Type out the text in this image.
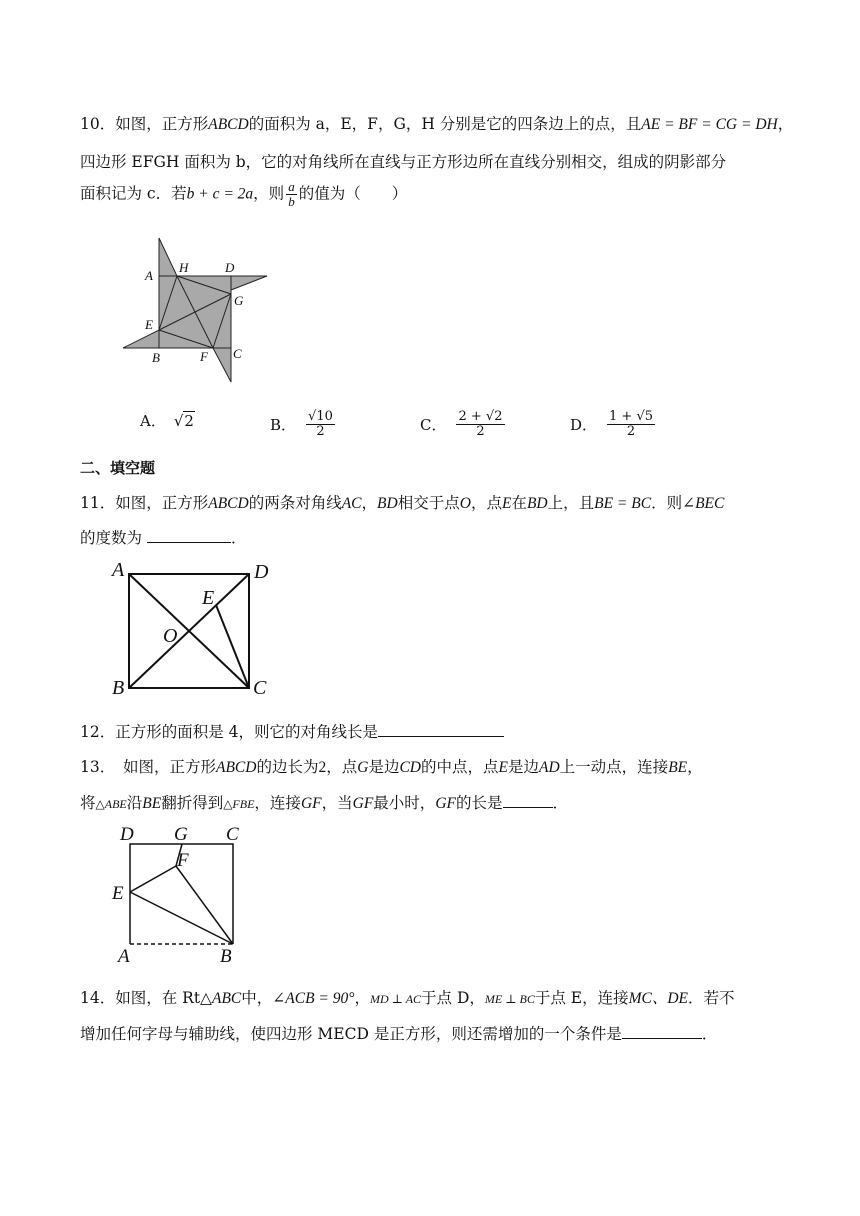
10．如图，正方形ABCD的面积为 a，E，F，G，H 分别是它的四条边上的点，且AE = BF = CG = DH，
四边形 EFGH 面积为 b，它的对角线所在直线与正方形边所在直线分别相交，组成的阴影部分
面积记为 c．若b + c = 2a，则 $\frac{a}{b}$ 的值为（　　）
A
H	D
G
E
B	F C
A． √2	B． $\frac{√10}{2}$	C． $\frac{2 + √2}{2}$	D． $\frac{1 + √5}{2}$
二、填空题
11．如图，正方形ABCD的两条对角线AC，BD相交于点O，点E在BD上，且BE = BC．则∠BEC
的度数为	．
A	D
E
O
B	C
12．正方形的面积是 4，则它的对角线长是
13．　如图，正方形ABCD的边长为2，点G是边CD的中点，点E是边AD上一动点，连接BE，
将△ABE沿BE翻折得到△FBE，连接GF，当GF最小时，GF的长是	．
D G C
F
E
A	B
14．如图，在 Rt△ABC中，∠ACB = 90°，MD ⊥ AC于点 D，ME ⊥ BC于点 E，连接MC、DE．若不
增加任何字母与辅助线，使四边形 MECD 是正方形，则还需增加的一个条件是	．
